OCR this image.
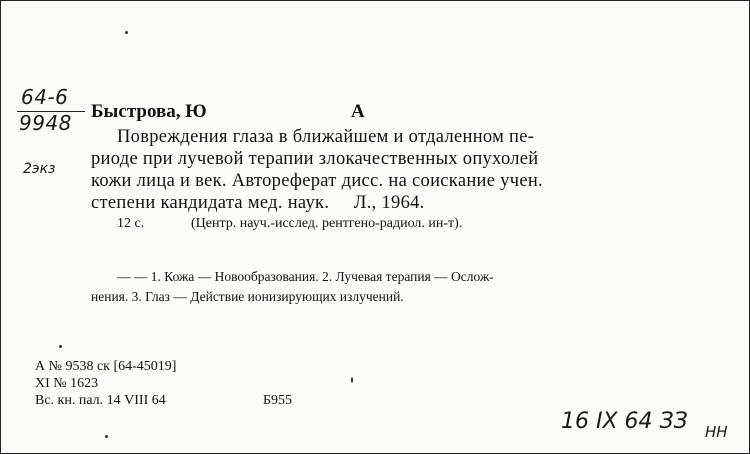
64-6
9948
2экз
Быстрова, Ю	А
Повреждения глаза в ближайшем и отдаленном пе-
риоде при лучевой терапии злокачественных опухолей
кожи лица и век. Автореферат дисс. на соискание учен.
степени кандидата мед. наук.     Л., 1964.
12 с.	(Центр. науч.-исслед. рентгено-радиол. ин-т).
— — 1. Кожа — Новообразования. 2. Лучевая терапия — Ослож-
нения. 3. Глаз — Действие ионизирующих излучений.
А № 9538 ск [64-45019]
XI № 1623
Вс. кн. пал. 14 VIII 64	Б955
16 IX 64 ЗЗ НН
